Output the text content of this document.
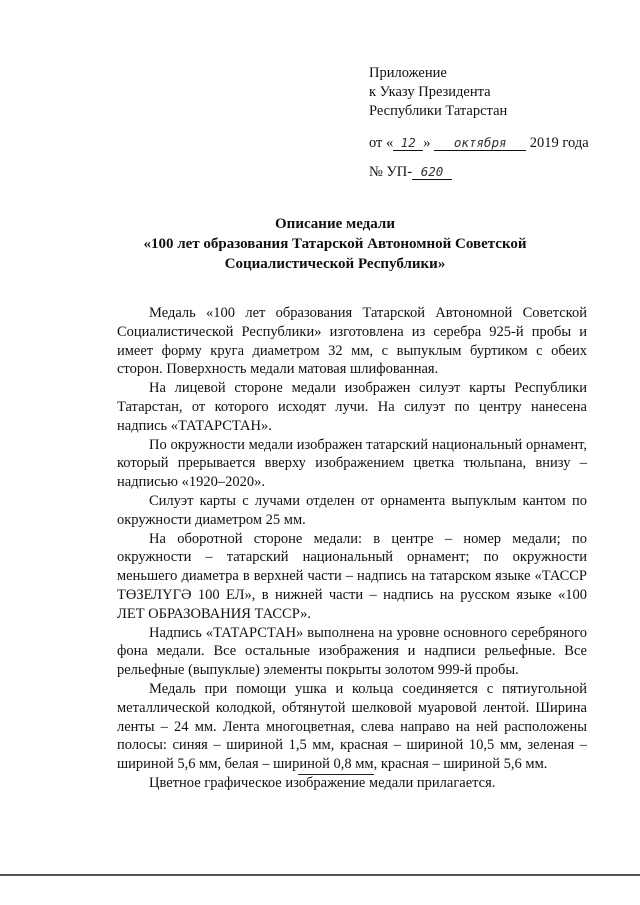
Приложение
к Указу Президента
Республики Татарстан
от « 12 » октября 2019 года
№ УП- 620
Описание медали
«100 лет образования Татарской Автономной Советской
Социалистической Республики»

Медаль «100 лет образования Татарской Автономной Советской Социалистической Республики» изготовлена из серебра 925-й пробы и имеет форму круга диаметром 32 мм, с выпуклым буртиком с обеих сторон. Поверхность медали матовая шлифованная.

На лицевой стороне медали изображен силуэт карты Республики Татарстан, от которого исходят лучи. На силуэт по центру нанесена надпись «ТАТАРСТАН».

По окружности медали изображен татарский национальный орнамент, который прерывается вверху изображением цветка тюльпана, внизу – надписью «1920–2020».

Силуэт карты с лучами отделен от орнамента выпуклым кантом по окружности диаметром 25 мм.

На оборотной стороне медали: в центре – номер медали; по окружности – татарский национальный орнамент; по окружности меньшего диаметра в верхней части – надпись на татарском языке «ТАССР ТӨЗЕЛҮГӘ 100 ЕЛ», в нижней части – надпись на русском языке «100 ЛЕТ ОБРАЗОВАНИЯ ТАССР».

Надпись «ТАТАРСТАН» выполнена на уровне основного серебряного фона медали. Все остальные изображения и надписи рельефные. Все рельефные (выпуклые) элементы покрыты золотом 999-й пробы.

Медаль при помощи ушка и кольца соединяется с пятиугольной металлической колодкой, обтянутой шелковой муаровой лентой. Ширина ленты – 24 мм. Лента многоцветная, слева направо на ней расположены полосы: синяя – шириной 1,5 мм, красная – шириной 10,5 мм, зеленая – шириной 5,6 мм, белая – шириной 0,8 мм, красная – шириной 5,6 мм.

Цветное графическое изображение медали прилагается.
